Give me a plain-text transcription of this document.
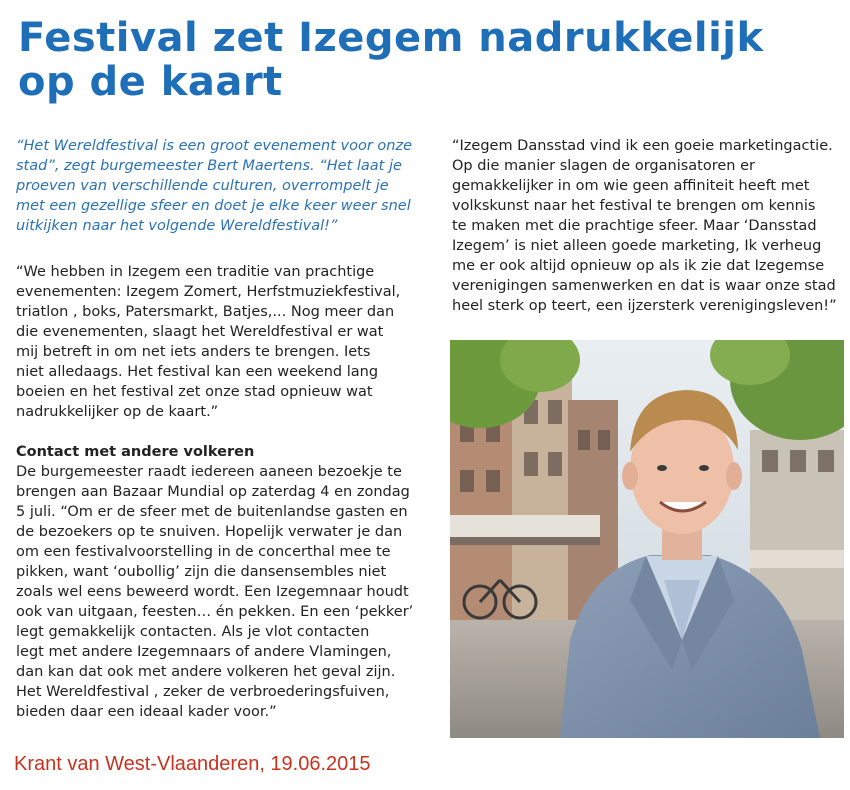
Festival zet Izegem nadrukkelijk
op de kaart

“Het Wereldfestival is een groot evenement voor onze
stad”, zegt burgemeester Bert Maertens. “Het laat je
proeven van verschillende culturen, overrompelt je
met een gezellige sfeer en doet je elke keer weer snel
uitkijken naar het volgende Wereldfestival!”

“We hebben in Izegem een traditie van prachtige
evenementen: Izegem Zomert, Herfstmuziekfestival,
triatlon , boks, Patersmarkt, Batjes,... Nog meer dan
die evenementen, slaagt het Wereldfestival er wat
mij betreft in om net iets anders te brengen. Iets
niet alledaags. Het festival kan een weekend lang
boeien en het festival zet onze stad opnieuw wat
nadrukkelijker op de kaart.”

Contact met andere volkeren

De burgemeester raadt iedereen aaneen bezoekje te
brengen aan Bazaar Mundial op zaterdag 4 en zondag
5 juli. “Om er de sfeer met de buitenlandse gasten en
de bezoekers op te snuiven. Hopelijk verwater je dan
om een festivalvoorstelling in de concerthal mee te
pikken, want ‘oubollig’ zijn die dansensembles niet
zoals wel eens beweerd wordt. Een Izegemnaar houdt
ook van uitgaan, feesten… én pekken. En een ‘pekker’
legt gemakkelijk contacten. Als je vlot contacten
legt met andere Izegemnaars of andere Vlamingen,
dan kan dat ook met andere volkeren het geval zijn.
Het Wereldfestival , zeker de verbroederingsfuiven,
bieden daar een ideaal kader voor.”

“Izegem Dansstad vind ik een goeie marketingactie.
Op die manier slagen de organisatoren er
gemakkelijker in om wie geen affiniteit heeft met
volkskunst naar het festival te brengen om kennis
te maken met die prachtige sfeer. Maar ‘Dansstad
Izegem’ is niet alleen goede marketing, Ik verheug
me er ook altijd opnieuw op als ik zie dat Izegemse
verenigingen samenwerken en dat is waar onze stad
heel sterk op teert, een ijzersterk verenigingsleven!”

Krant van West-Vlaanderen, 19.06.2015
